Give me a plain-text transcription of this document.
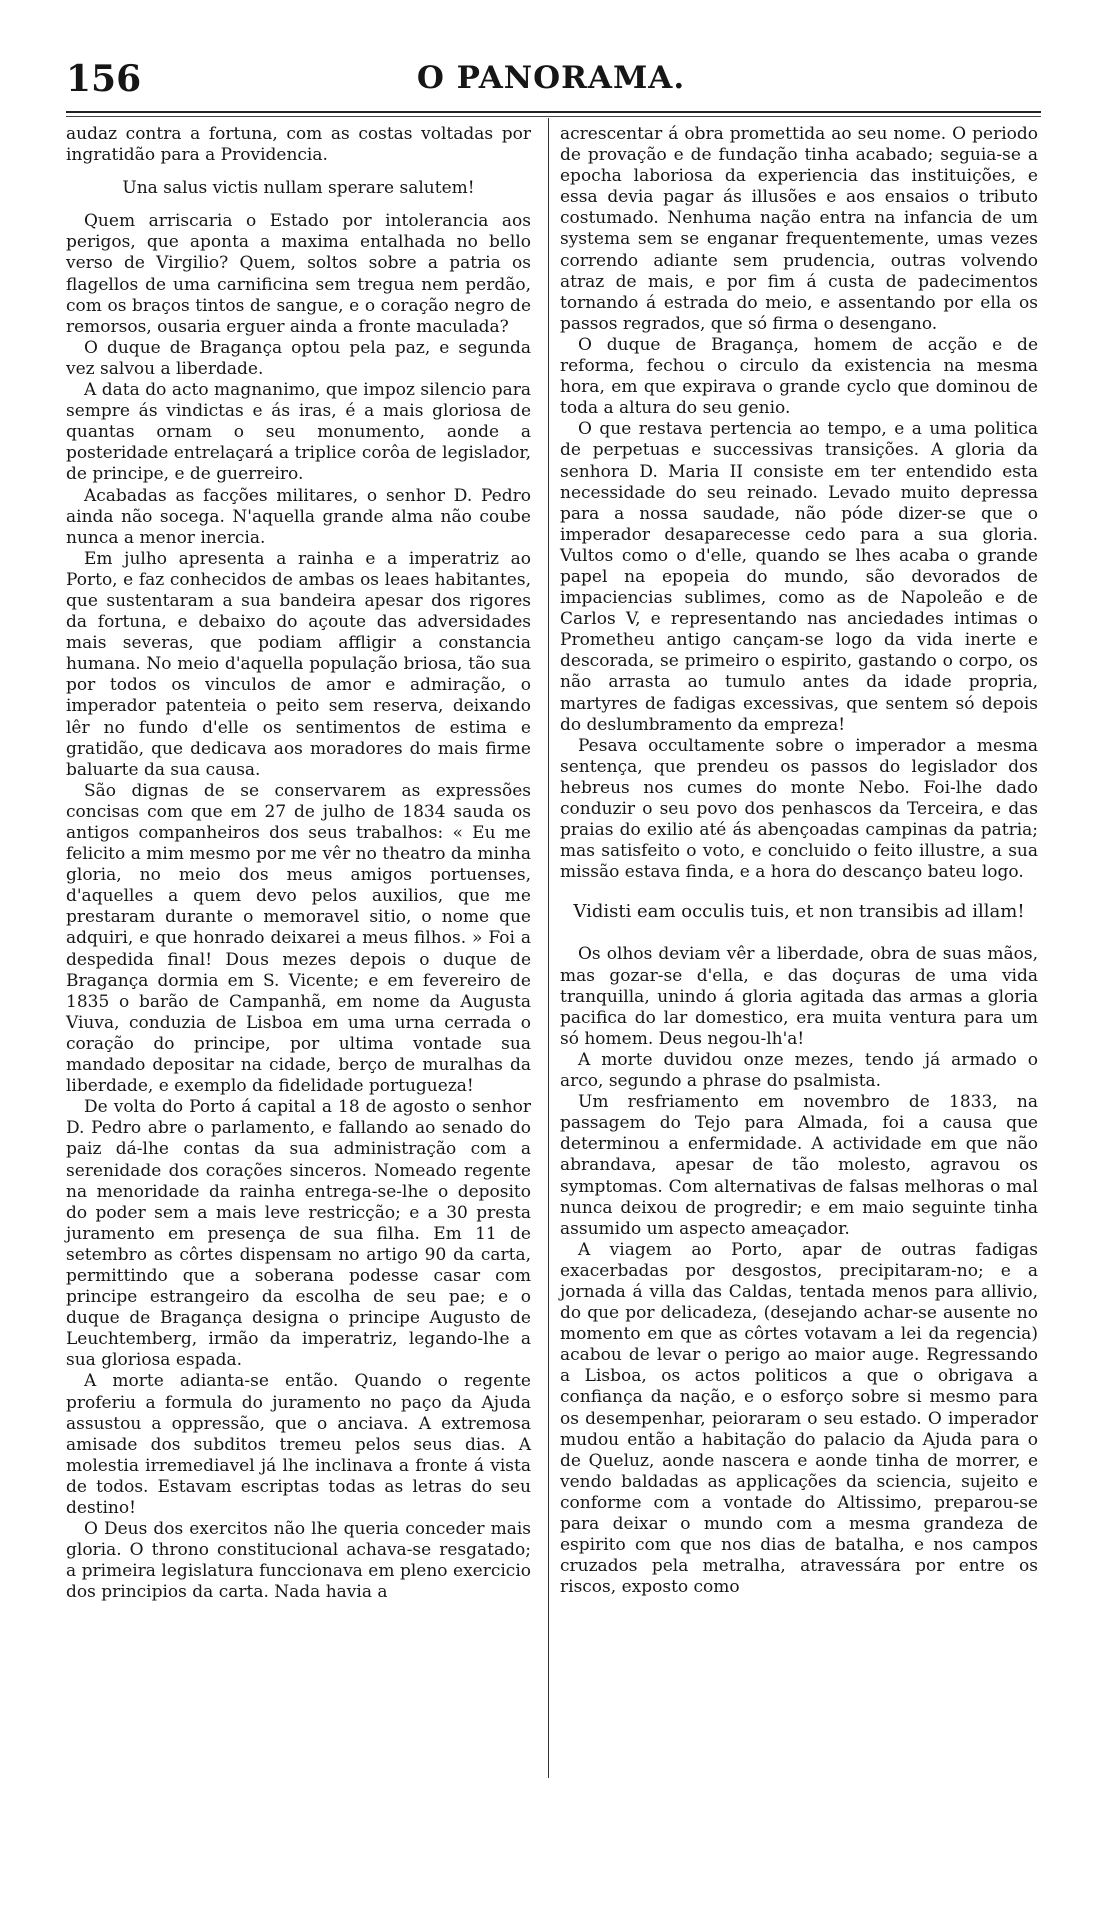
156	O PANORAMA.

audaz contra a fortuna, com as costas voltadas por ingratidão para a Providencia.

Una salus victis nullam sperare salutem!

Quem arriscaria o Estado por intolerancia aos perigos, que aponta a maxima entalhada no bello verso de Virgilio? Quem, soltos sobre a patria os flagellos de uma carnificina sem tregua nem perdão, com os braços tintos de sangue, e o coração negro de remorsos, ousaria erguer ainda a fronte maculada?

O duque de Bragança optou pela paz, e segunda vez salvou a liberdade.

A data do acto magnanimo, que impoz silencio para sempre ás vindictas e ás iras, é a mais gloriosa de quantas ornam o seu monumento, aonde a posteridade entrelaçará a triplice corôa de legislador, de principe, e de guerreiro.

Acabadas as facções militares, o senhor D. Pedro ainda não socega. N'aquella grande alma não coube nunca a menor inercia.

Em julho apresenta a rainha e a imperatriz ao Porto, e faz conhecidos de ambas os leaes habitantes, que sustentaram a sua bandeira apesar dos rigores da fortuna, e debaixo do açoute das adversidades mais severas, que podiam affligir a constancia humana. No meio d'aquella população briosa, tão sua por todos os vinculos de amor e admiração, o imperador patenteia o peito sem reserva, deixando lêr no fundo d'elle os sentimentos de estima e gratidão, que dedicava aos moradores do mais firme baluarte da sua causa.

São dignas de se conservarem as expressões concisas com que em 27 de julho de 1834 sauda os antigos companheiros dos seus trabalhos: « Eu me felicito a mim mesmo por me vêr no theatro da minha gloria, no meio dos meus amigos portuenses, d'aquelles a quem devo pelos auxilios, que me prestaram durante o memoravel sitio, o nome que adquiri, e que honrado deixarei a meus filhos. » Foi a despedida final! Dous mezes depois o duque de Bragança dormia em S. Vicente; e em fevereiro de 1835 o barão de Campanhã, em nome da Augusta Viuva, conduzia de Lisboa em uma urna cerrada o coração do principe, por ultima vontade sua mandado depositar na cidade, berço de muralhas da liberdade, e exemplo da fidelidade portugueza!

De volta do Porto á capital a 18 de agosto o senhor D. Pedro abre o parlamento, e fallando ao senado do paiz dá-lhe contas da sua administração com a serenidade dos corações sinceros. Nomeado regente na menoridade da rainha entrega-se-lhe o deposito do poder sem a mais leve restricção; e a 30 presta juramento em presença de sua filha. Em 11 de setembro as côrtes dispensam no artigo 90 da carta, permittindo que a soberana podesse casar com principe estrangeiro da escolha de seu pae; e o duque de Bragança designa o principe Augusto de Leuchtemberg, irmão da imperatriz, legando-lhe a sua gloriosa espada.

A morte adianta-se então. Quando o regente proferiu a formula do juramento no paço da Ajuda assustou a oppressão, que o anciava. A extremosa amisade dos subditos tremeu pelos seus dias. A molestia irremediavel já lhe inclinava a fronte á vista de todos. Estavam escriptas todas as letras do seu destino!

O Deus dos exercitos não lhe queria conceder mais gloria. O throno constitucional achava-se resgatado; a primeira legislatura funccionava em pleno exercicio dos principios da carta. Nada havia a

acrescentar á obra promettida ao seu nome. O periodo de provação e de fundação tinha acabado; seguia-se a epocha laboriosa da experiencia das instituições, e essa devia pagar ás illusões e aos ensaios o tributo costumado. Nenhuma nação entra na infancia de um systema sem se enganar frequentemente, umas vezes correndo adiante sem prudencia, outras volvendo atraz de mais, e por fim á custa de padecimentos tornando á estrada do meio, e assentando por ella os passos regrados, que só firma o desengano.

O duque de Bragança, homem de acção e de reforma, fechou o circulo da existencia na mesma hora, em que expirava o grande cyclo que dominou de toda a altura do seu genio.

O que restava pertencia ao tempo, e a uma politica de perpetuas e successivas transições. A gloria da senhora D. Maria II consiste em ter entendido esta necessidade do seu reinado. Levado muito depressa para a nossa saudade, não póde dizer-se que o imperador desaparecesse cedo para a sua gloria. Vultos como o d'elle, quando se lhes acaba o grande papel na epopeia do mundo, são devorados de impaciencias sublimes, como as de Napoleão e de Carlos V, e representando nas anciedades intimas o Prometheu antigo cançam-se logo da vida inerte e descorada, se primeiro o espirito, gastando o corpo, os não arrasta ao tumulo antes da idade propria, martyres de fadigas excessivas, que sentem só depois do deslumbramento da empreza!

Pesava occultamente sobre o imperador a mesma sentença, que prendeu os passos do legislador dos hebreus nos cumes do monte Nebo. Foi-lhe dado conduzir o seu povo dos penhascos da Terceira, e das praias do exilio até ás abençoadas campinas da patria; mas satisfeito o voto, e concluido o feito illustre, a sua missão estava finda, e a hora do descanço bateu logo.

Vidisti eam occulis tuis, et non transibis ad illam!

Os olhos deviam vêr a liberdade, obra de suas mãos, mas gozar-se d'ella, e das doçuras de uma vida tranquilla, unindo á gloria agitada das armas a gloria pacifica do lar domestico, era muita ventura para um só homem. Deus negou-lh'a!

A morte duvidou onze mezes, tendo já armado o arco, segundo a phrase do psalmista.

Um resfriamento em novembro de 1833, na passagem do Tejo para Almada, foi a causa que determinou a enfermidade. A actividade em que não abrandava, apesar de tão molesto, agravou os symptomas. Com alternativas de falsas melhoras o mal nunca deixou de progredir; e em maio seguinte tinha assumido um aspecto ameaçador.

A viagem ao Porto, apar de outras fadigas exacerbadas por desgostos, precipitaram-no; e a jornada á villa das Caldas, tentada menos para allivio, do que por delicadeza, (desejando achar-se ausente no momento em que as côrtes votavam a lei da regencia) acabou de levar o perigo ao maior auge. Regressando a Lisboa, os actos politicos a que o obrigava a confiança da nação, e o esforço sobre si mesmo para os desempenhar, peioraram o seu estado. O imperador mudou então a habitação do palacio da Ajuda para o de Queluz, aonde nascera e aonde tinha de morrer, e vendo baldadas as applicações da sciencia, sujeito e conforme com a vontade do Altissimo, preparou-se para deixar o mundo com a mesma grandeza de espirito com que nos dias de batalha, e nos campos cruzados pela metralha, atravessára por entre os riscos, exposto como
